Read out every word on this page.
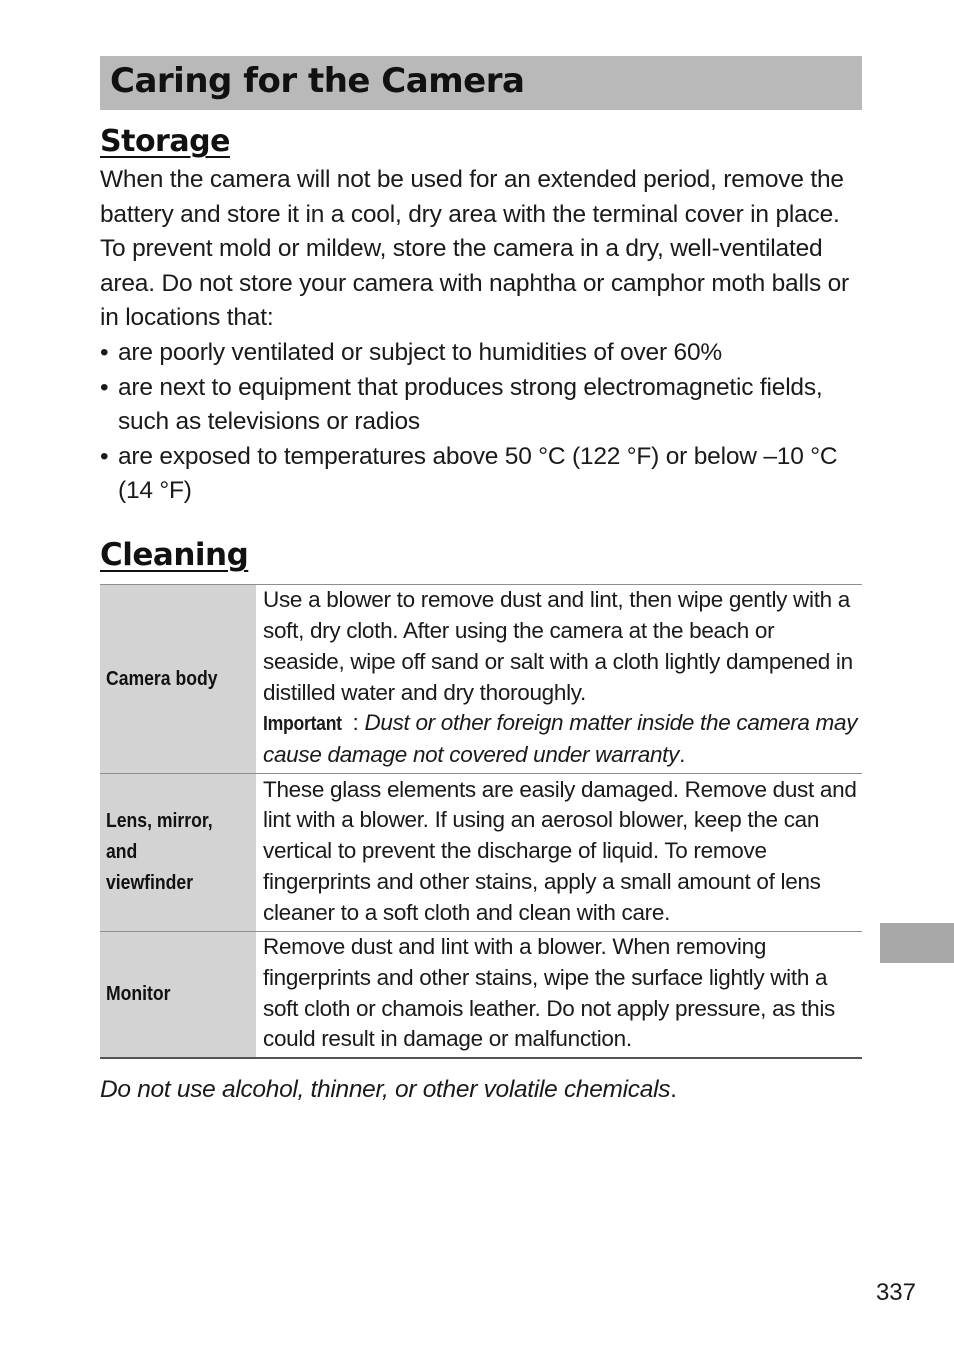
Caring for the Camera
Storage

When the camera will not be used for an extended period, remove the battery and store it in a cool, dry area with the terminal cover in place. To prevent mold or mildew, store the camera in a dry, well-ventilated area. Do not store your camera with naphtha or camphor moth balls or in locations that:

• are poorly ventilated or subject to humidities of over 60%
• are next to equipment that produces strong electromagnetic fields, such as televisions or radios
• are exposed to temperatures above 50 °C (122 °F) or below –10 °C (14 °F)
Cleaning
Camera body	Use a blower to remove dust and lint, then wipe gently with a soft, dry cloth. After using the camera at the beach or seaside, wipe off sand or salt with a cloth lightly dampened in distilled water and dry thoroughly.
Important : Dust or other foreign matter inside the camera may cause damage not covered under warranty.
Lens, mirror, and viewfinder	These glass elements are easily damaged. Remove dust and lint with a blower. If using an aerosol blower, keep the can vertical to prevent the discharge of liquid. To remove fingerprints and other stains, apply a small amount of lens cleaner to a soft cloth and clean with care.
Monitor	Remove dust and lint with a blower. When removing fingerprints and other stains, wipe the surface lightly with a soft cloth or chamois leather. Do not apply pressure, as this could result in damage or malfunction.

Do not use alcohol, thinner, or other volatile chemicals.

337
